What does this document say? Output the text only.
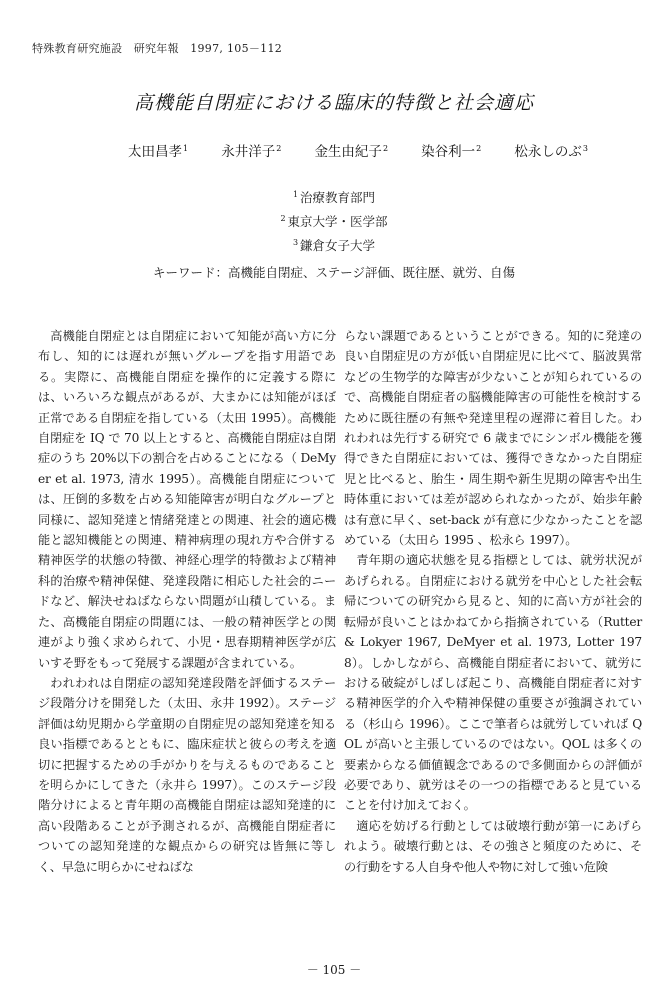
特殊教育研究施設　研究年報　1997, 105－112
高機能自閉症における臨床的特徴と社会適応
太田昌孝$^1$ 永井洋子$^2$ 金生由紀子$^2$ 染谷利一$^2$ 松永しのぶ$^3$
$^1$ 治療教育部門
$^2$ 東京大学・医学部
$^3$ 鎌倉女子大学
キーワード：高機能自閉症、ステージ評価、既往歴、就労、自傷

高機能自閉症とは自閉症において知能が高い方に分布し、知的には遅れが無いグループを指す用語である。実際に、高機能自閉症を操作的に定義する際には、いろいろな観点があるが、大まかには知能がほぼ正常である自閉症を指している（太田 1995）。高機能自閉症を IQ で 70 以上とすると、高機能自閉症は自閉症のうち 20%以下の割合を占めることになる（ DeMyer et al. 1973, 清水 1995）。高機能自閉症については、圧倒的多数を占める知能障害が明白なグループと同様に、認知発達と情緒発達との関連、社会的適応機能と認知機能との関連、精神病理の現れ方や合併する精神医学的状態の特徴、神経心理学的特徴および精神科的治療や精神保健、発達段階に相応した社会的ニードなど、解決せねばならない問題が山積している。また、高機能自閉症の問題には、一般の精神医学との関連がより強く求められて、小児・思春期精神医学が広いすそ野をもって発展する課題が含まれている。

われわれは自閉症の認知発達段階を評価するステージ段階分けを開発した（太田、永井 1992）。ステージ評価は幼児期から学童期の自閉症児の認知発達を知る良い指標であるとともに、臨床症状と彼らの考えを適切に把握するための手がかりを与えるものであることを明らかにしてきた（永井ら 1997）。このステージ段階分けによると青年期の高機能自閉症は認知発達的に高い段階あることが予測されるが、高機能自閉症者についての認知発達的な観点からの研究は皆無に等しく、早急に明らかにせねばな

らない課題であるということができる。知的に発達の良い自閉症児の方が低い自閉症児に比べて、脳波異常などの生物学的な障害が少ないことが知られているので、高機能自閉症者の脳機能障害の可能性を検討するために既往歴の有無や発達里程の遅滞に着目した。われわれは先行する研究で 6 歳までにシンボル機能を獲得できた自閉症においては、獲得できなかった自閉症児と比べると、胎生・周生期や新生児期の障害や出生時体重においては差が認められなかったが、始歩年齢は有意に早く、set-back が有意に少なかったことを認めている（太田ら 1995 、松永ら 1997）。

青年期の適応状態を見る指標としては、就労状況があげられる。自閉症における就労を中心とした社会転帰についての研究から見ると、知的に高い方が社会的転帰が良いことはかねてから指摘されている（Rutter & Lokyer 1967, DeMyer et al. 1973, Lotter 1978）。しかしながら、高機能自閉症者において、就労における破綻がしばしば起こり、高機能自閉症者に対する精神医学的介入や精神保健の重要さが強調されている（杉山ら 1996）。ここで筆者らは就労していれば QOL が高いと主張しているのではない。QOL は多くの要素からなる価値観念であるので多側面からの評価が必要であり、就労はその一つの指標であると見ていることを付け加えておく。

適応を妨げる行動としては破壊行動が第一にあげられよう。破壊行動とは、その強さと頻度のために、その行動をする人自身や他人や物に対して強い危険

－ 105 －
